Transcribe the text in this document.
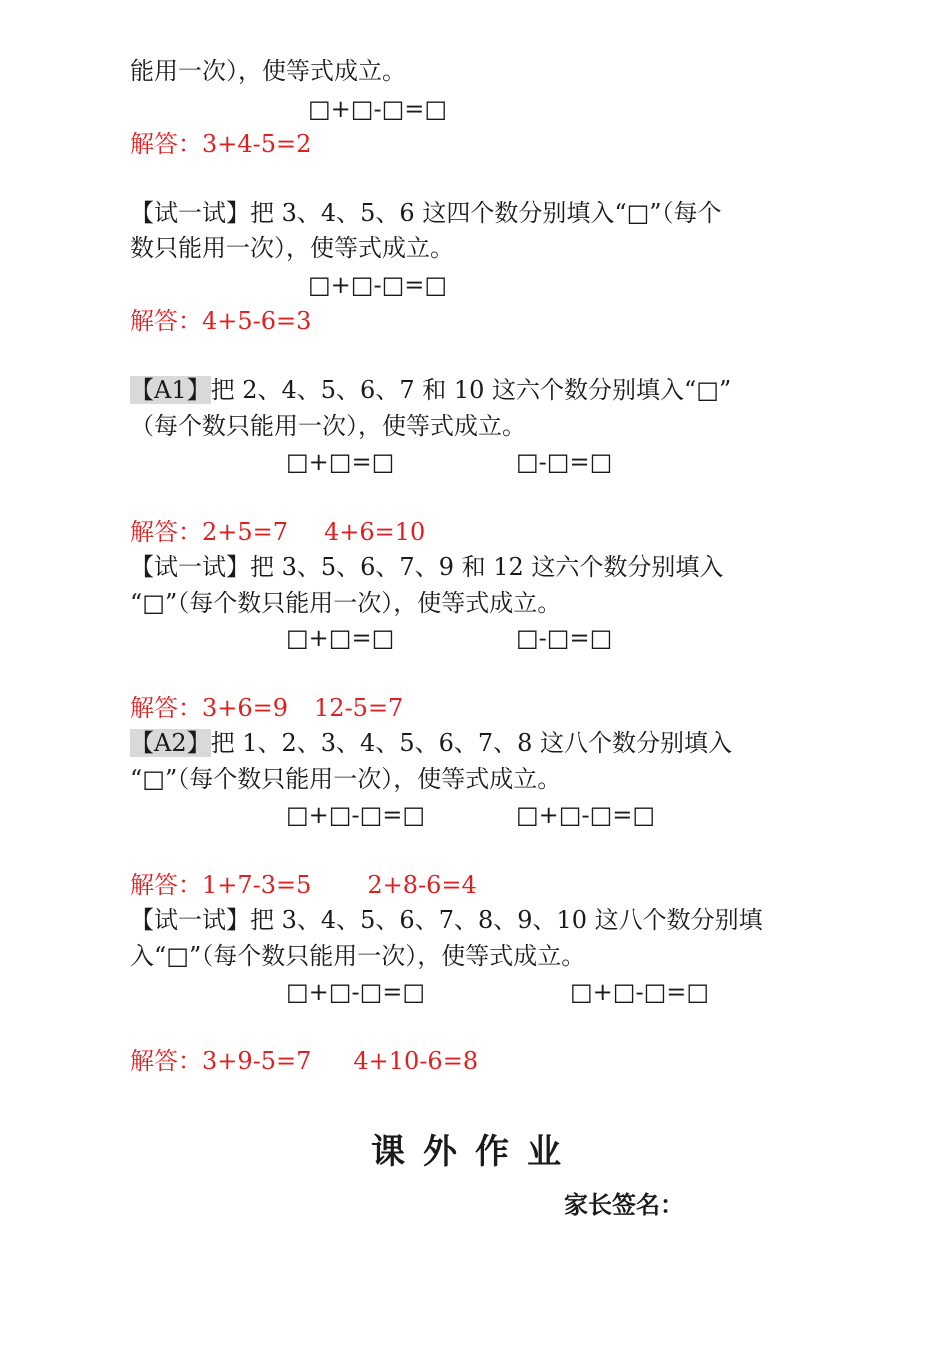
能用一次），使等式成立。
□+□-□=□
解答：3+4-5=2
【试一试】把 3、4、5、6 这四个数分别填入“□”（每个
数只能用一次），使等式成立。
□+□-□=□
解答：4+5-6=3
【A1】把 2、4、5、6、7 和 10 这六个数分别填入“□”
（每个数只能用一次），使等式成立。
□+□=□	□-□=□
解答：2+5=7 4+6=10
【试一试】把 3、5、6、7、9 和 12 这六个数分别填入
“□”（每个数只能用一次），使等式成立。
□+□=□	□-□=□
解答：3+6=9 12-5=7
【A2】把 1、2、3、4、5、6、7、8 这八个数分别填入
“□”（每个数只能用一次），使等式成立。
□+□-□=□	□+□-□=□
解答：1+7-3=5 2+8-6=4
【试一试】把 3、4、5、6、7、8、9、10 这八个数分别填
入“□”（每个数只能用一次），使等式成立。
□+□-□=□	□+□-□=□
解答：3+9-5=7 4+10-6=8
课外作业
家长签名：
